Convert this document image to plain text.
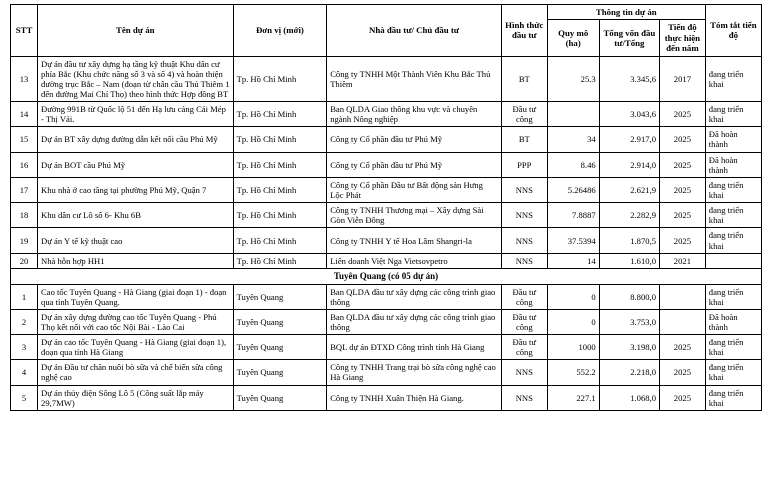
STT	Tên dự án	Đơn vị (mới)	Nhà đầu tư/ Chủ đầu tư	Hình thức đầu tư	Thông tin dự án			Tóm tắt tiến độ
					Quy mô (ha)	Tổng vốn đầu tư/Tổng	Tiến độ thực hiện đến năm	
13	Dự án đầu tư xây dựng hạ tầng kỹ thuật Khu dân cư phía Bắc (Khu chức năng số 3 và số 4) và hoàn thiện đường trục Bắc – Nam (đoạn từ chân cầu Thủ Thiêm 1 đến đường Mai Chí Thọ) theo hình thức Hợp đồng BT	Tp. Hồ Chí Minh	Công ty TNHH Một Thành Viên Khu Bắc Thủ Thiêm	BT	25.3	3.345,6	2017	đang triển khai
14	Đường 991B từ Quốc lộ 51 đến Hạ lưu cảng Cái Mép - Thị Vải.	Tp. Hồ Chí Minh	Ban QLDA Giao thông khu vực và chuyên ngành Nông nghiệp	Đầu tư công		3.043,6	2025	đang triển khai
15	Dự án BT xây dựng đường dẫn kết nối cầu Phú Mỹ	Tp. Hồ Chí Minh	Công ty Cổ phần đầu tư Phú Mỹ	BT	34	2.917,0	2025	Đã hoàn thành
16	Dự án BOT cầu Phú Mỹ	Tp. Hồ Chí Minh	Công ty Cổ phần đầu tư Phú Mỹ	PPP	8.46	2.914,0	2025	Đã hoàn thành
17	Khu nhà ở cao tầng tại phường Phú Mỹ, Quận 7	Tp. Hồ Chí Minh	Công ty Cổ phần Đầu tư Bất động sản Hưng Lộc Phát	NNS	5.26486	2.621,9	2025	đang triển khai
18	Khu dân cư Lô số 6- Khu 6B	Tp. Hồ Chí Minh	Công ty TNHH Thương mại – Xây dựng Sài Gòn Viễn Đông	NNS	7.8887	2.282,9	2025	đang triển khai
19	Dự án Y tế kỹ thuật cao	Tp. Hồ Chí Minh	Công ty TNHH Y tế Hoa Lâm Shangri-la	NNS	37.5394	1.870,5	2025	đang triển khai
20	Nhà hỗn hợp HH1	Tp. Hồ Chí Minh	Liên doanh Việt Nga Vietsovpetro	NNS	14	1.610,0	2021	
Tuyên Quang (có 05 dự án)								
1	Cao tốc Tuyên Quang - Hà Giang (giai đoạn 1) - đoạn qua tỉnh Tuyên Quang.	Tuyên Quang	Ban QLDA đầu tư xây dựng các công trình giao thông	Đầu tư công	0	8.800,0		đang triển khai
2	Dự án xây dựng đường cao tốc Tuyên Quang - Phú Thọ kết nối với cao tốc Nội Bài - Lào Cai	Tuyên Quang	Ban QLDA đầu tư xây dựng các công trình giao thông	Đầu tư công	0	3.753,0		Đã hoàn thành
3	Dự án cao tốc Tuyên Quang - Hà Giang (giai đoạn 1), đoạn qua tỉnh Hà Giang	Tuyên Quang	BQL dự án ĐTXD Công trình tỉnh Hà Giang	Đầu tư công	1000	3.198,0	2025	đang triển khai
4	Dự án Đầu tư chăn nuôi bò sữa và chế biến sữa công nghệ cao	Tuyên Quang	Công ty TNHH Trang trại bò sữa công nghệ cao Hà Giang	NNS	552.2	2.218,0	2025	đang triển khai
5	Dự án thủy điện Sông Lô 5 (Công suất lắp máy 29,7MW)	Tuyên Quang	Công ty TNHH Xuân Thiện Hà Giang.	NNS	227.1	1.068,0	2025	đang triển khai
